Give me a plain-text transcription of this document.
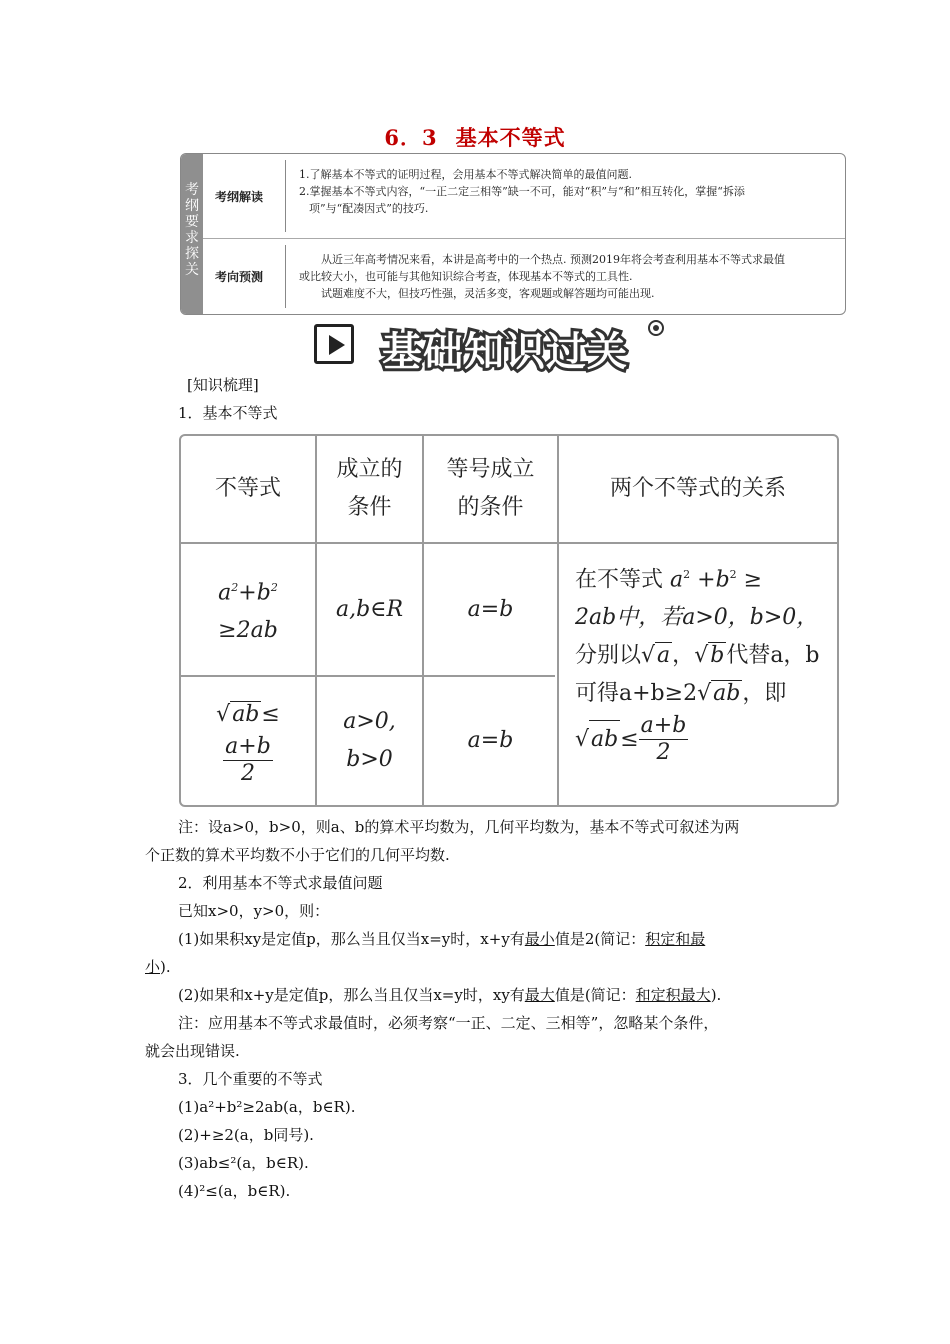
6．3 基本不等式
考
纲
要
求
探
关
考纲解读
1.了解基本不等式的证明过程，会用基本不等式解决简单的最值问题.
2.掌握基本不等式内容，“一正二定三相等”缺一不可，能对“积”与“和”相互转化，掌握“拆添
项”与“配凑因式”的技巧.
考向预测
从近三年高考情况来看，本讲是高考中的一个热点. 预测2019年将会考查利用基本不等式求最值
或比较大小，也可能与其他知识综合考查，体现基本不等式的工具性.
试题难度不大，但技巧性强，灵活多变，客观题或解答题均可能出现.
基础知识过关
[知识梳理]
1．基本不等式
不等式
成立的
条件
等号成立
的条件
两个不等式的关系
$a^2+b^2$
≥2ab
a,b∈R	a=b
√ab≤
$\frac{a+b}{2}$
a>0,
b>0
a=b
在不等式 $a^2 +b^2$ ≥
2ab中，若a>0，b>0，
分别以√a，√b代替a，b
可得a+b≥2√ab，即
√ ab ≤ $\frac{a+b}{2}$
注：设a>0，b>0，则a、b的算术平均数为，几何平均数为，基本不等式可叙述为两
个正数的算术平均数不小于它们的几何平均数.
2．利用基本不等式求最值问题
已知x>0，y>0，则：
(1)如果积xy是定值p，那么当且仅当x=y时，x+y有最小值是2(简记：积定和最
小).
(2)如果和x+y是定值p，那么当且仅当x=y时，xy有最大值是(简记：和定积最大).
注：应用基本不等式求最值时，必须考察“一正、二定、三相等”，忽略某个条件，
就会出现错误.
3．几个重要的不等式
(1)a²+b²≥2ab(a，b∈R).
(2)+≥2(a，b同号).
(3)ab≤²(a，b∈R).
(4)²≤(a，b∈R).
